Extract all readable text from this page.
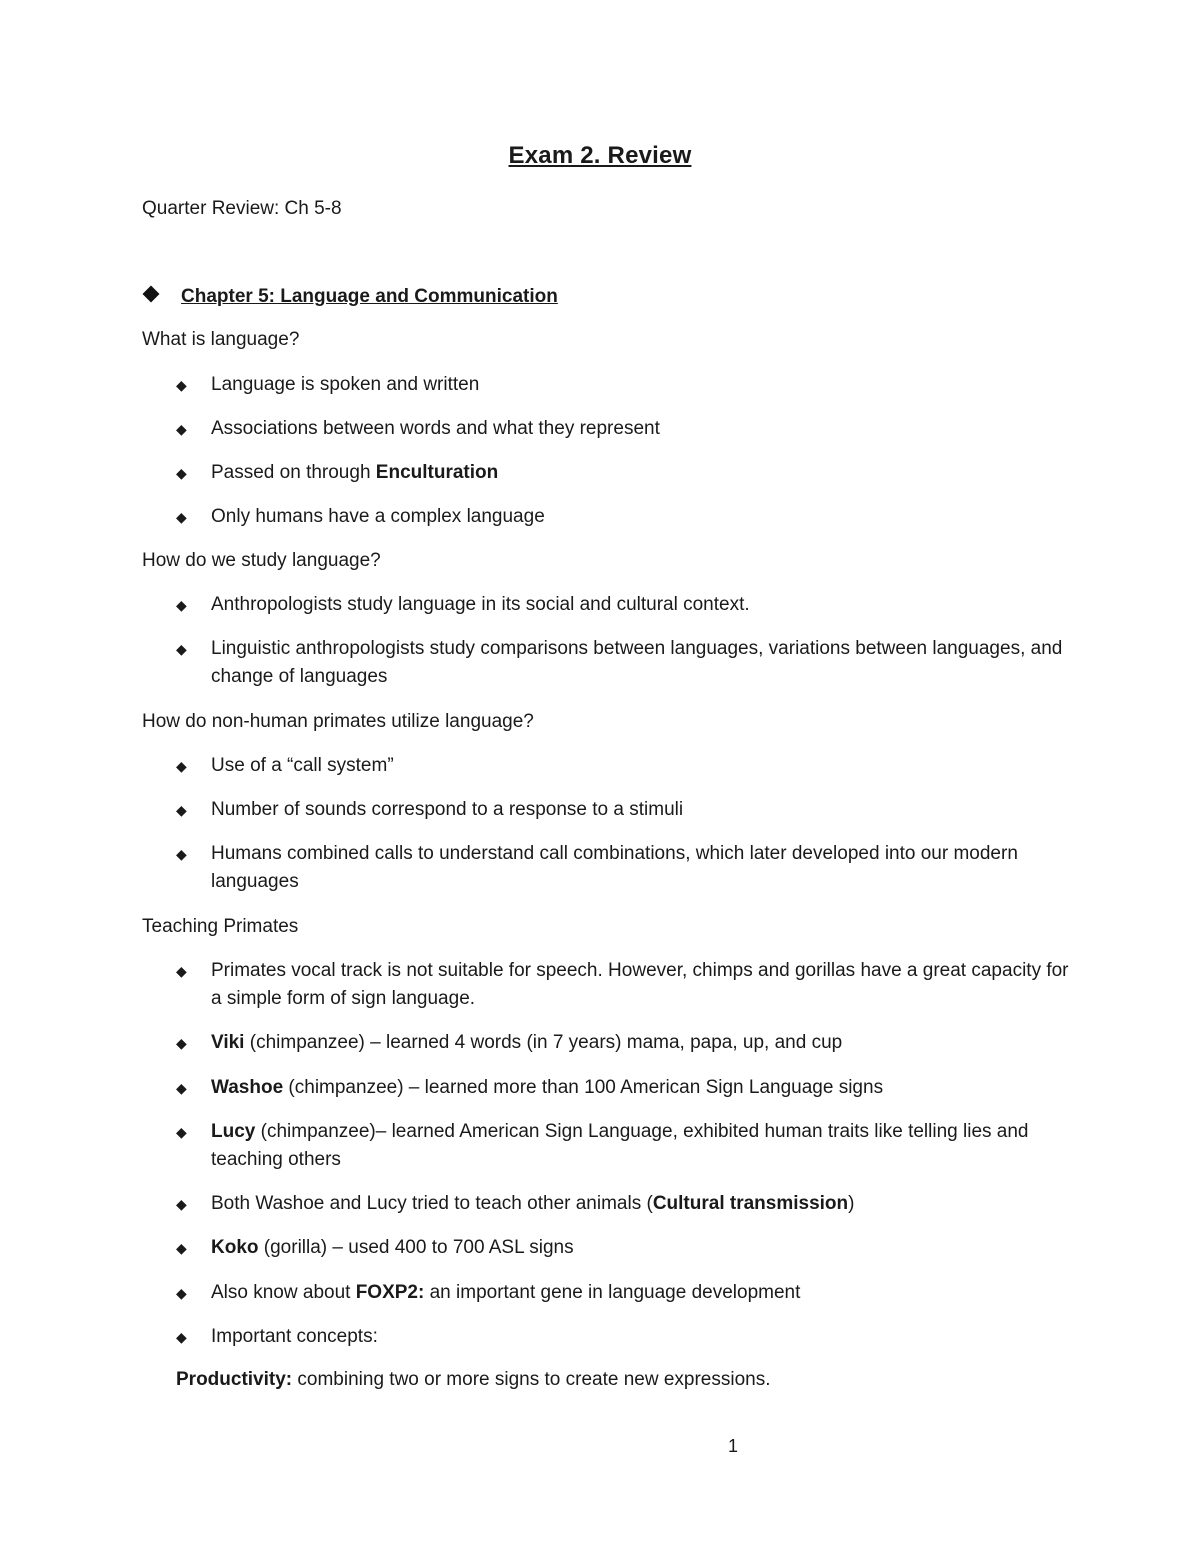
Exam 2. Review
Quarter Review: Ch 5-8
Chapter 5: Language and Communication
What is language?
◆ Language is spoken and written
◆ Associations between words and what they represent
◆ Passed on through Enculturation
◆ Only humans have a complex language
How do we study language?
◆ Anthropologists study language in its social and cultural context.
◆ Linguistic anthropologists study comparisons between languages, variations between languages, and change of languages
How do non-human primates utilize language?
◆ Use of a “call system”
◆ Number of sounds correspond to a response to a stimuli
◆ Humans combined calls to understand call combinations, which later developed into our modern languages
Teaching Primates
◆ Primates vocal track is not suitable for speech. However, chimps and gorillas have a great capacity for a simple form of sign language.
◆ Viki (chimpanzee) – learned 4 words (in 7 years) mama, papa, up, and cup
◆ Washoe (chimpanzee) – learned more than 100 American Sign Language signs
◆ Lucy (chimpanzee)– learned American Sign Language, exhibited human traits like telling lies and teaching others
◆ Both Washoe and Lucy tried to teach other animals (Cultural transmission)
◆ Koko (gorilla) – used 400 to 700 ASL signs
◆ Also know about FOXP2: an important gene in language development
◆ Important concepts:
Productivity: combining two or more signs to create new expressions.
1
